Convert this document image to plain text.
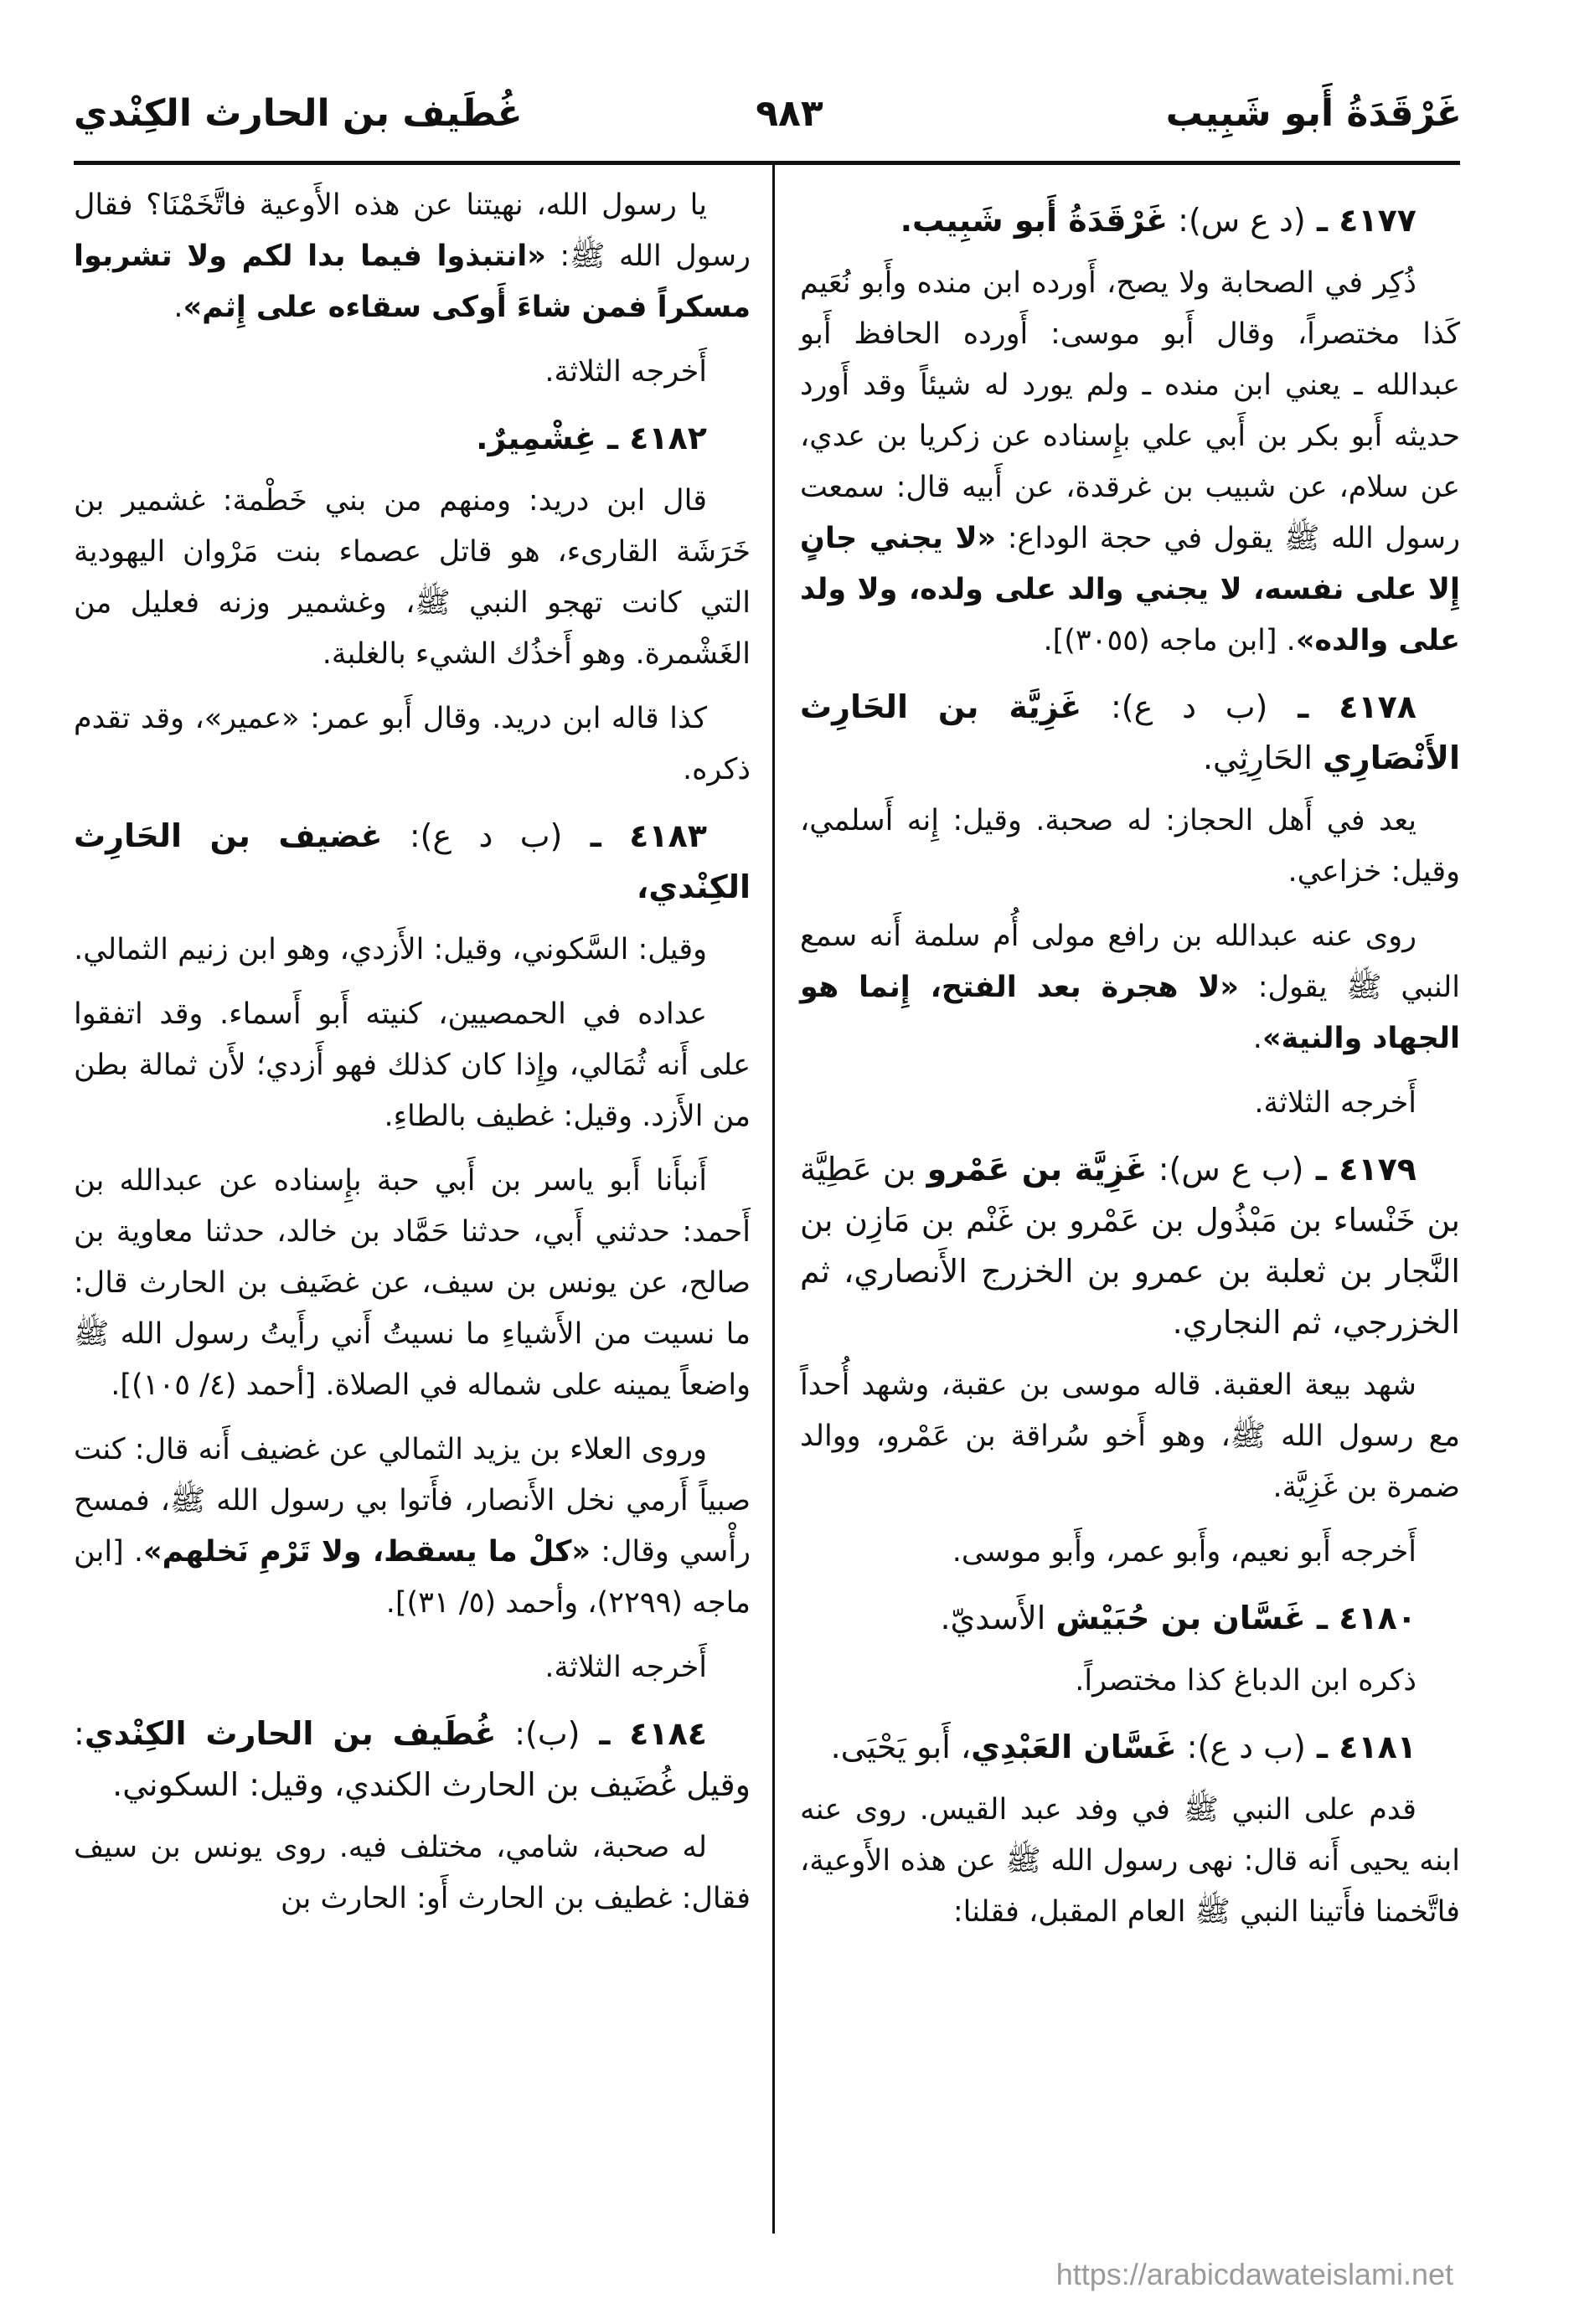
غَرْقَدَةُ أَبو شَبِيب
٩٨٣
غُطَيف بن الحارث الكِنْدي

٤١٧٧ ـ (د ع س): غَرْقَدَةُ أَبو شَبِيب.

ذُكِر في الصحابة ولا يصح، أَورده ابن منده وأَبو نُعَيم كَذا مختصراً، وقال أَبو موسى: أَورده الحافظ أَبو عبدالله ـ يعني ابن منده ـ ولم يورد له شيئاً وقد أَورد حديثه أَبو بكر بن أَبي علي بإِسناده عن زكريا بن عدي، عن سلام، عن شبيب بن غرقدة، عن أَبيه قال: سمعت رسول الله ﷺ يقول في حجة الوداع: «لا يجني جانٍ إِلا على نفسه، لا يجني والد على ولده، ولا ولد على والده». [ابن ماجه (٣٠٥٥)].

٤١٧٨ ـ (ب د ع): غَزِيَّة بن الحَارِث الأَنْصَارِي الحَارِثِي.

يعد في أَهل الحجاز: له صحبة. وقيل: إِنه أَسلمي، وقيل: خزاعي.

روى عنه عبدالله بن رافع مولى أُم سلمة أَنه سمع النبي ﷺ يقول: «لا هجرة بعد الفتح، إِنما هو الجهاد والنية».

أَخرجه الثلاثة.

٤١٧٩ ـ (ب ع س): غَزِيَّة بن عَمْرو بن عَطِيَّة بن خَنْساء بن مَبْذُول بن عَمْرو بن غَنْم بن مَازِن بن النَّجار بن ثعلبة بن عمرو بن الخزرج الأَنصاري، ثم الخزرجي، ثم النجاري.

شهد بيعة العقبة. قاله موسى بن عقبة، وشهد أُحداً مع رسول الله ﷺ، وهو أَخو سُراقة بن عَمْرو، ووالد ضمرة بن غَزِيَّة.

أَخرجه أَبو نعيم، وأَبو عمر، وأَبو موسى.

٤١٨٠ ـ غَسَّان بن حُبَيْش الأَسديّ.

ذكره ابن الدباغ كذا مختصراً.

٤١٨١ ـ (ب د ع): غَسَّان العَبْدِي، أَبو يَحْيَى.

قدم على النبي ﷺ في وفد عبد القيس. روى عنه ابنه يحيى أَنه قال: نهى رسول الله ﷺ عن هذه الأَوعية، فاتَّخمنا فأَتينا النبي ﷺ العام المقبل، فقلنا:

يا رسول الله، نهيتنا عن هذه الأَوعية فاتَّخَمْنَا؟ فقال رسول الله ﷺ: «انتبذوا فيما بدا لكم ولا تشربوا مسكراً فمن شاءَ أَوكى سقاءه على إِثم».

أَخرجه الثلاثة.

٤١٨٢ ـ غِشْمِيرٌ.

قال ابن دريد: ومنهم من بني خَطْمة: غشمير بن خَرَشَة القارىء، هو قاتل عصماء بنت مَرْوان اليهودية التي كانت تهجو النبي ﷺ، وغشمير وزنه فعليل من الغَشْمرة. وهو أَخذُك الشيء بالغلبة.

كذا قاله ابن دريد. وقال أَبو عمر: «عمير»، وقد تقدم ذكره.

٤١٨٣ ـ (ب د ع): غضيف بن الحَارِث الكِنْدي،

وقيل: السَّكوني، وقيل: الأَزدي، وهو ابن زنيم الثمالي.

عداده في الحمصيين، كنيته أَبو أَسماء. وقد اتفقوا على أَنه ثُمَالي، وإِذا كان كذلك فهو أَزدي؛ لأَن ثمالة بطن من الأَزد. وقيل: غطيف بالطاءِ.

أَنبأَنا أَبو ياسر بن أَبي حبة بإِسناده عن عبدالله بن أَحمد: حدثني أَبي، حدثنا حَمَّاد بن خالد، حدثنا معاوية بن صالح، عن يونس بن سيف، عن غضَيف بن الحارث قال: ما نسيت من الأَشياءِ ما نسيتُ أَني رأَيتُ رسول الله ﷺ واضعاً يمينه على شماله في الصلاة. [أحمد (٤/ ١٠٥)].

وروى العلاء بن يزيد الثمالي عن غضيف أَنه قال: كنت صبياً أَرمي نخل الأَنصار، فأَتوا بي رسول الله ﷺ، فمسح رأْسي وقال: «كلْ ما يسقط، ولا تَرْمِ نَخلهم». [ابن ماجه (٢٢٩٩)، وأحمد (٥/ ٣١)].

أَخرجه الثلاثة.

٤١٨٤ ـ (ب): غُطَيف بن الحارث الكِنْدي: وقيل غُضَيف بن الحارث الكندي، وقيل: السكوني.

له صحبة، شامي، مختلف فيه. روى يونس بن سيف فقال: غطيف بن الحارث أَو: الحارث بن

https://arabicdawateislami.net
